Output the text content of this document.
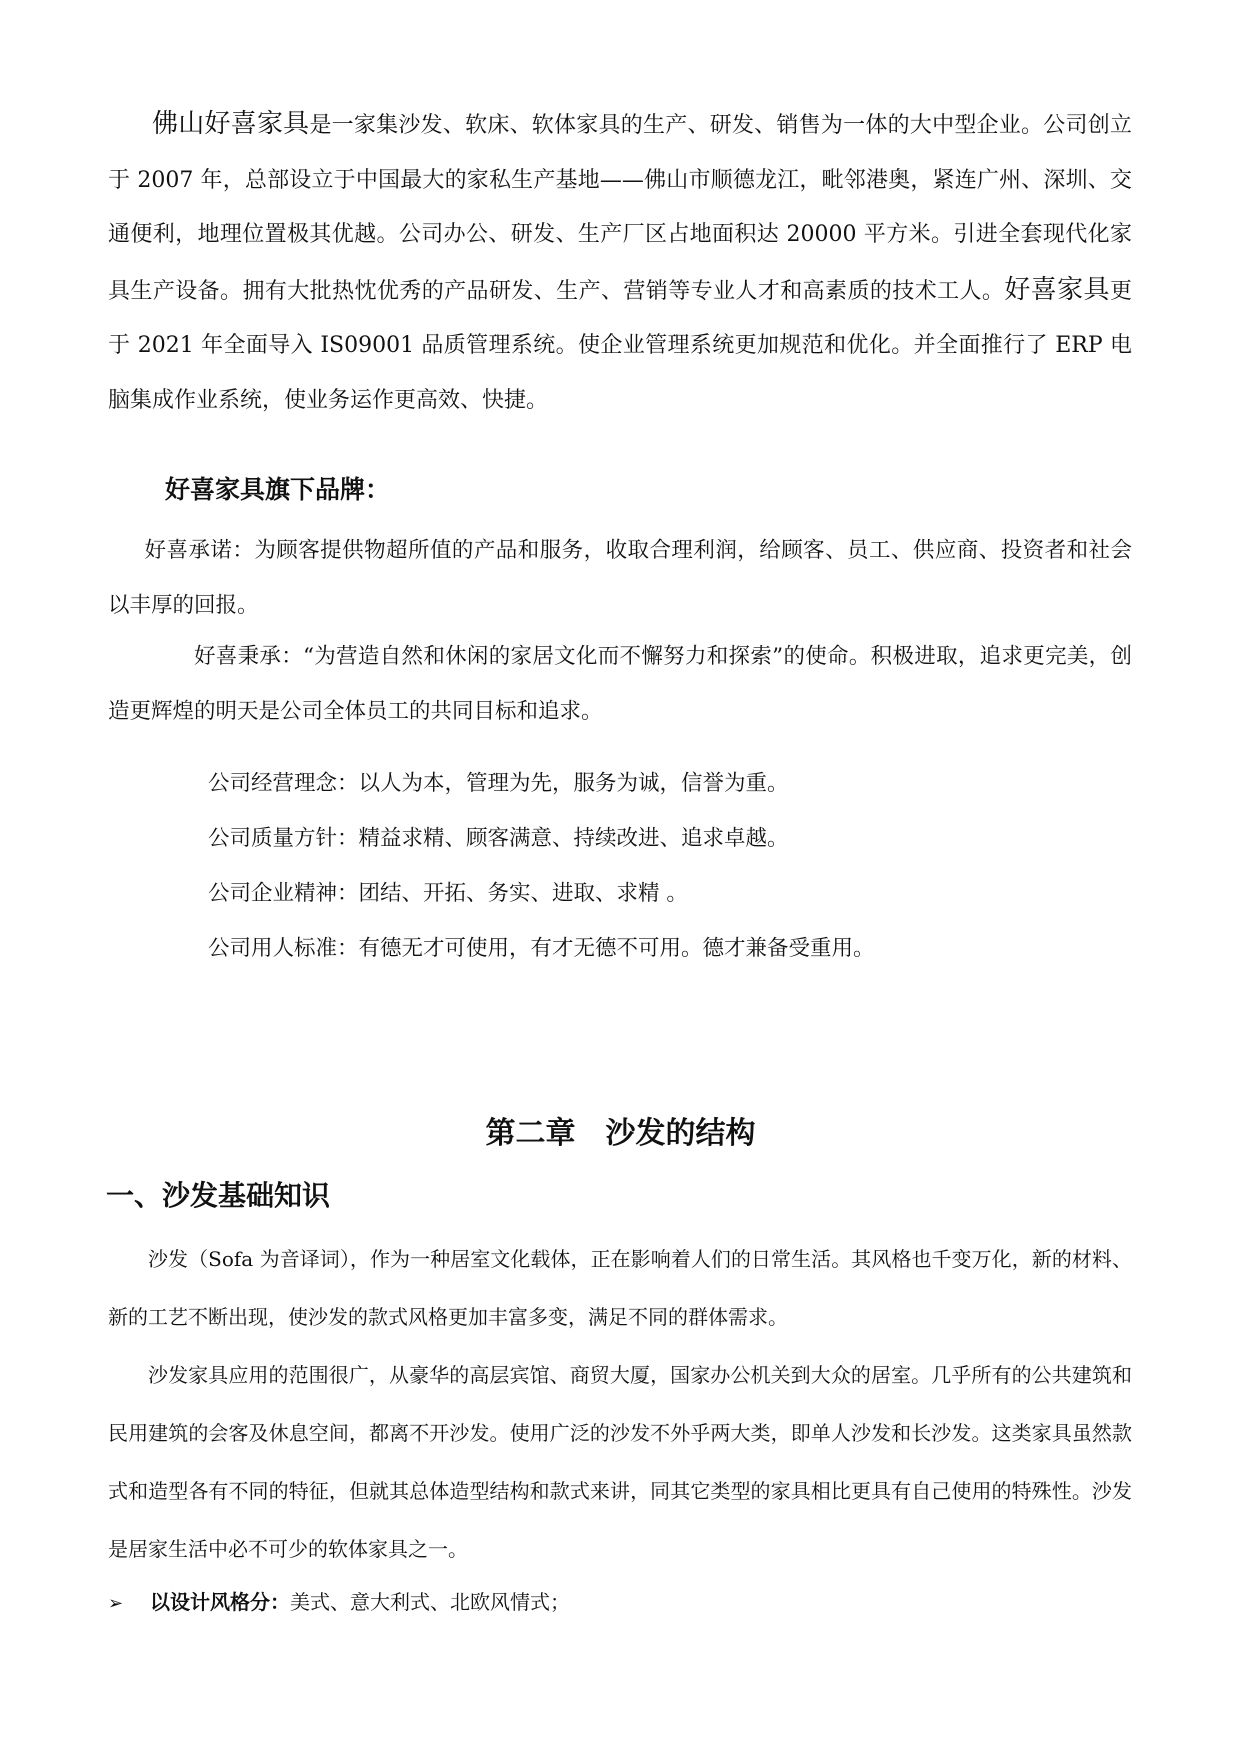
佛山好喜家具是一家集沙发、软床、软体家具的生产、研发、销售为一体的大中型企业。公司创立于 2007 年，总部设立于中国最大的家私生产基地——佛山市顺德龙江，毗邻港奥，紧连广州、深圳、交通便利，地理位置极其优越。公司办公、研发、生产厂区占地面积达 20000 平方米。引进全套现代化家具生产设备。拥有大批热忱优秀的产品研发、生产、营销等专业人才和高素质的技术工人。好喜家具更于 2021 年全面导入 IS09001 品质管理系统。使企业管理系统更加规范和优化。并全面推行了 ERP 电脑集成作业系统，使业务运作更高效、快捷。
好喜家具旗下品牌：
好喜承诺：为顾客提供物超所值的产品和服务，收取合理利润，给顾客、员工、供应商、投资者和社会以丰厚的回报。
好喜秉承：“为营造自然和休闲的家居文化而不懈努力和探索”的使命。积极进取，追求更完美，创造更辉煌的明天是公司全体员工的共同目标和追求。
公司经营理念：以人为本，管理为先，服务为诚，信誉为重。
公司质量方针：精益求精、顾客满意、持续改进、追求卓越。
公司企业精神：团结、开拓、务实、进取、求精 。
公司用人标准：有德无才可使用，有才无德不可用。德才兼备受重用。
第二章　沙发的结构
一、沙发基础知识
沙发（Sofa 为音译词），作为一种居室文化载体，正在影响着人们的日常生活。其风格也千变万化，新的材料、新的工艺不断出现，使沙发的款式风格更加丰富多变，满足不同的群体需求。
沙发家具应用的范围很广，从豪华的高层宾馆、商贸大厦，国家办公机关到大众的居室。几乎所有的公共建筑和民用建筑的会客及休息空间，都离不开沙发。使用广泛的沙发不外乎两大类，即单人沙发和长沙发。这类家具虽然款式和造型各有不同的特征，但就其总体造型结构和款式来讲，同其它类型的家具相比更具有自己使用的特殊性。沙发是居家生活中必不可少的软体家具之一。
➢ 以设计风格分：美式、意大利式、北欧风情式；
